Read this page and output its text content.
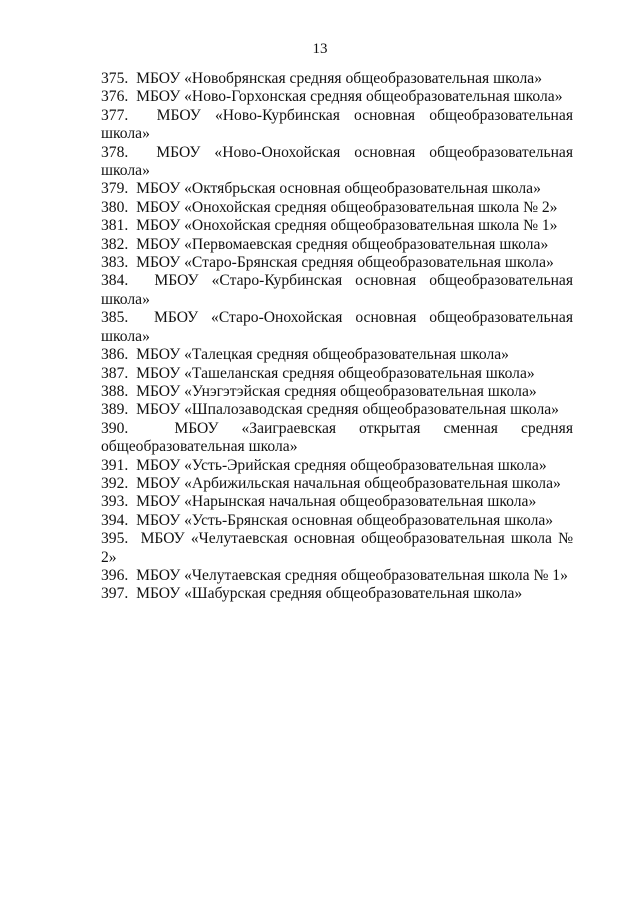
13
375. МБОУ «Новобрянская средняя общеобразовательная школа»
376. МБОУ «Ново-Горхонская средняя общеобразовательная школа»
377. МБОУ «Ново-Курбинская основная общеобразовательная школа»
378. МБОУ «Ново-Онохойская основная общеобразовательная школа»
379. МБОУ «Октябрьская основная общеобразовательная школа»
380. МБОУ «Онохойская средняя общеобразовательная школа № 2»
381. МБОУ «Онохойская средняя общеобразовательная школа № 1»
382. МБОУ «Первомаевская средняя общеобразовательная школа»
383. МБОУ «Старо-Брянская средняя общеобразовательная школа»
384. МБОУ «Старо-Курбинская основная общеобразовательная школа»
385. МБОУ «Старо-Онохойская основная общеобразовательная школа»
386. МБОУ «Талецкая средняя общеобразовательная школа»
387. МБОУ «Ташеланская средняя общеобразовательная школа»
388. МБОУ «Унэгэтэйская средняя общеобразовательная школа»
389. МБОУ «Шпалозаводская средняя общеобразовательная школа»
390.	МБОУ «Заиграевская открытая сменная средняя общеобразовательная школа»
391. МБОУ «Усть-Эрийская средняя общеобразовательная школа»
392. МБОУ «Арбижильская начальная общеобразовательная школа»
393. МБОУ «Нарынская начальная общеобразовательная школа»
394. МБОУ «Усть-Брянская основная общеобразовательная школа»
395. МБОУ «Челутаевская основная общеобразовательная школа № 2»
396. МБОУ «Челутаевская средняя общеобразовательная школа № 1»
397. МБОУ «Шабурская средняя общеобразовательная школа»
